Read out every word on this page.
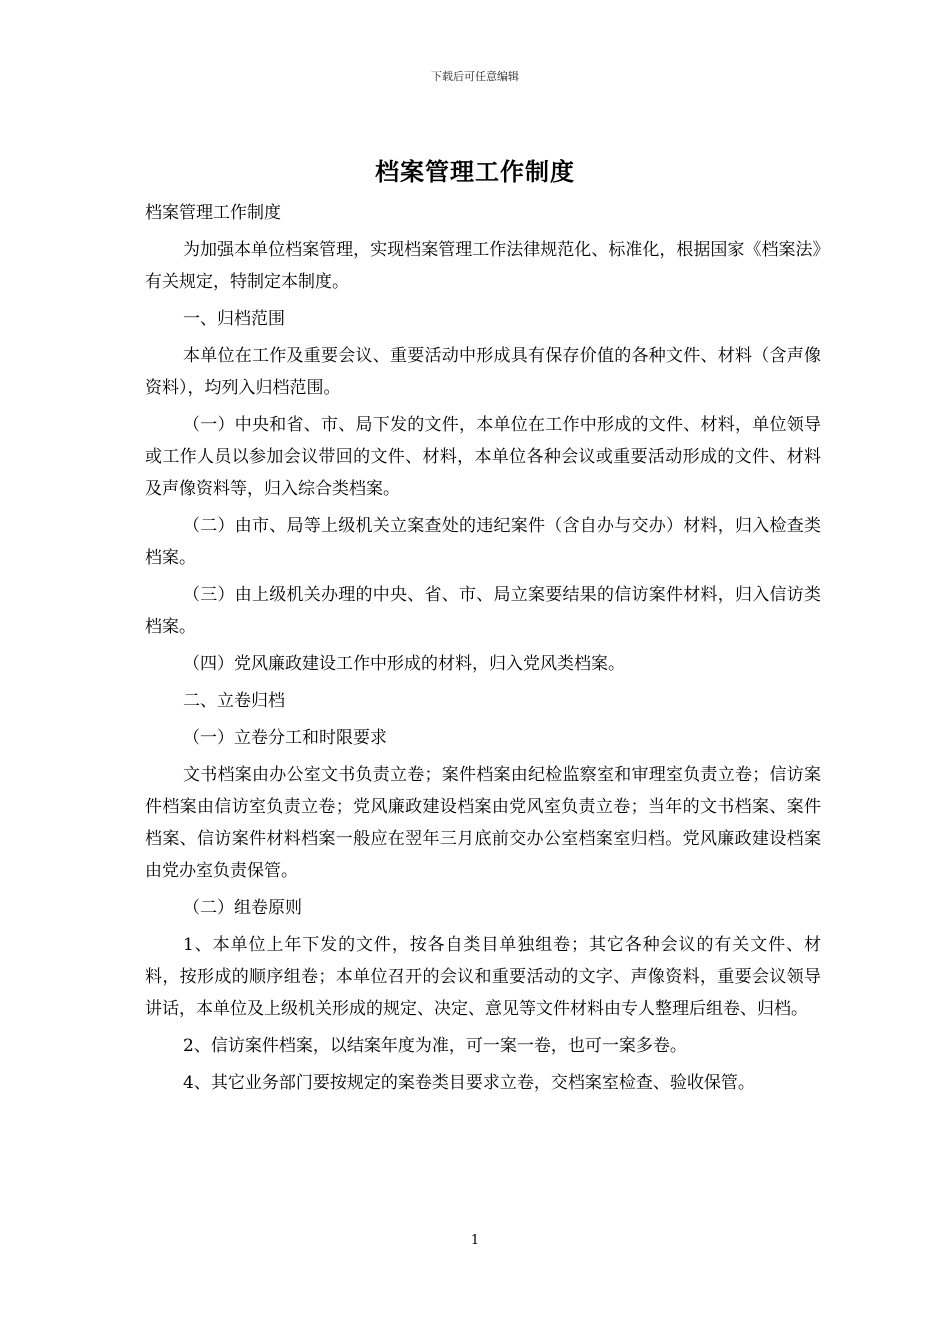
下载后可任意编辑
档案管理工作制度

档案管理工作制度

为加强本单位档案管理，实现档案管理工作法律规范化、标准化，根据国家《档案法》有关规定，特制定本制度。

一、归档范围

本单位在工作及重要会议、重要活动中形成具有保存价值的各种文件、材料（含声像资料），均列入归档范围。

（一）中央和省、市、局下发的文件，本单位在工作中形成的文件、材料，单位领导或工作人员以参加会议带回的文件、材料，本单位各种会议或重要活动形成的文件、材料及声像资料等，归入综合类档案。

（二）由市、局等上级机关立案查处的违纪案件（含自办与交办）材料，归入检查类档案。

（三）由上级机关办理的中央、省、市、局立案要结果的信访案件材料，归入信访类档案。

（四）党风廉政建设工作中形成的材料，归入党风类档案。

二、立卷归档

（一）立卷分工和时限要求

文书档案由办公室文书负责立卷；案件档案由纪检监察室和审理室负责立卷；信访案件档案由信访室负责立卷；党风廉政建设档案由党风室负责立卷；当年的文书档案、案件档案、信访案件材料档案一般应在翌年三月底前交办公室档案室归档。党风廉政建设档案由党办室负责保管。

（二）组卷原则

1、本单位上年下发的文件，按各自类目单独组卷；其它各种会议的有关文件、材料，按形成的顺序组卷；本单位召开的会议和重要活动的文字、声像资料，重要会议领导讲话，本单位及上级机关形成的规定、决定、意见等文件材料由专人整理后组卷、归档。

2、信访案件档案，以结案年度为准，可一案一卷，也可一案多卷。

4、其它业务部门要按规定的案卷类目要求立卷，交档案室检查、验收保管。

1
